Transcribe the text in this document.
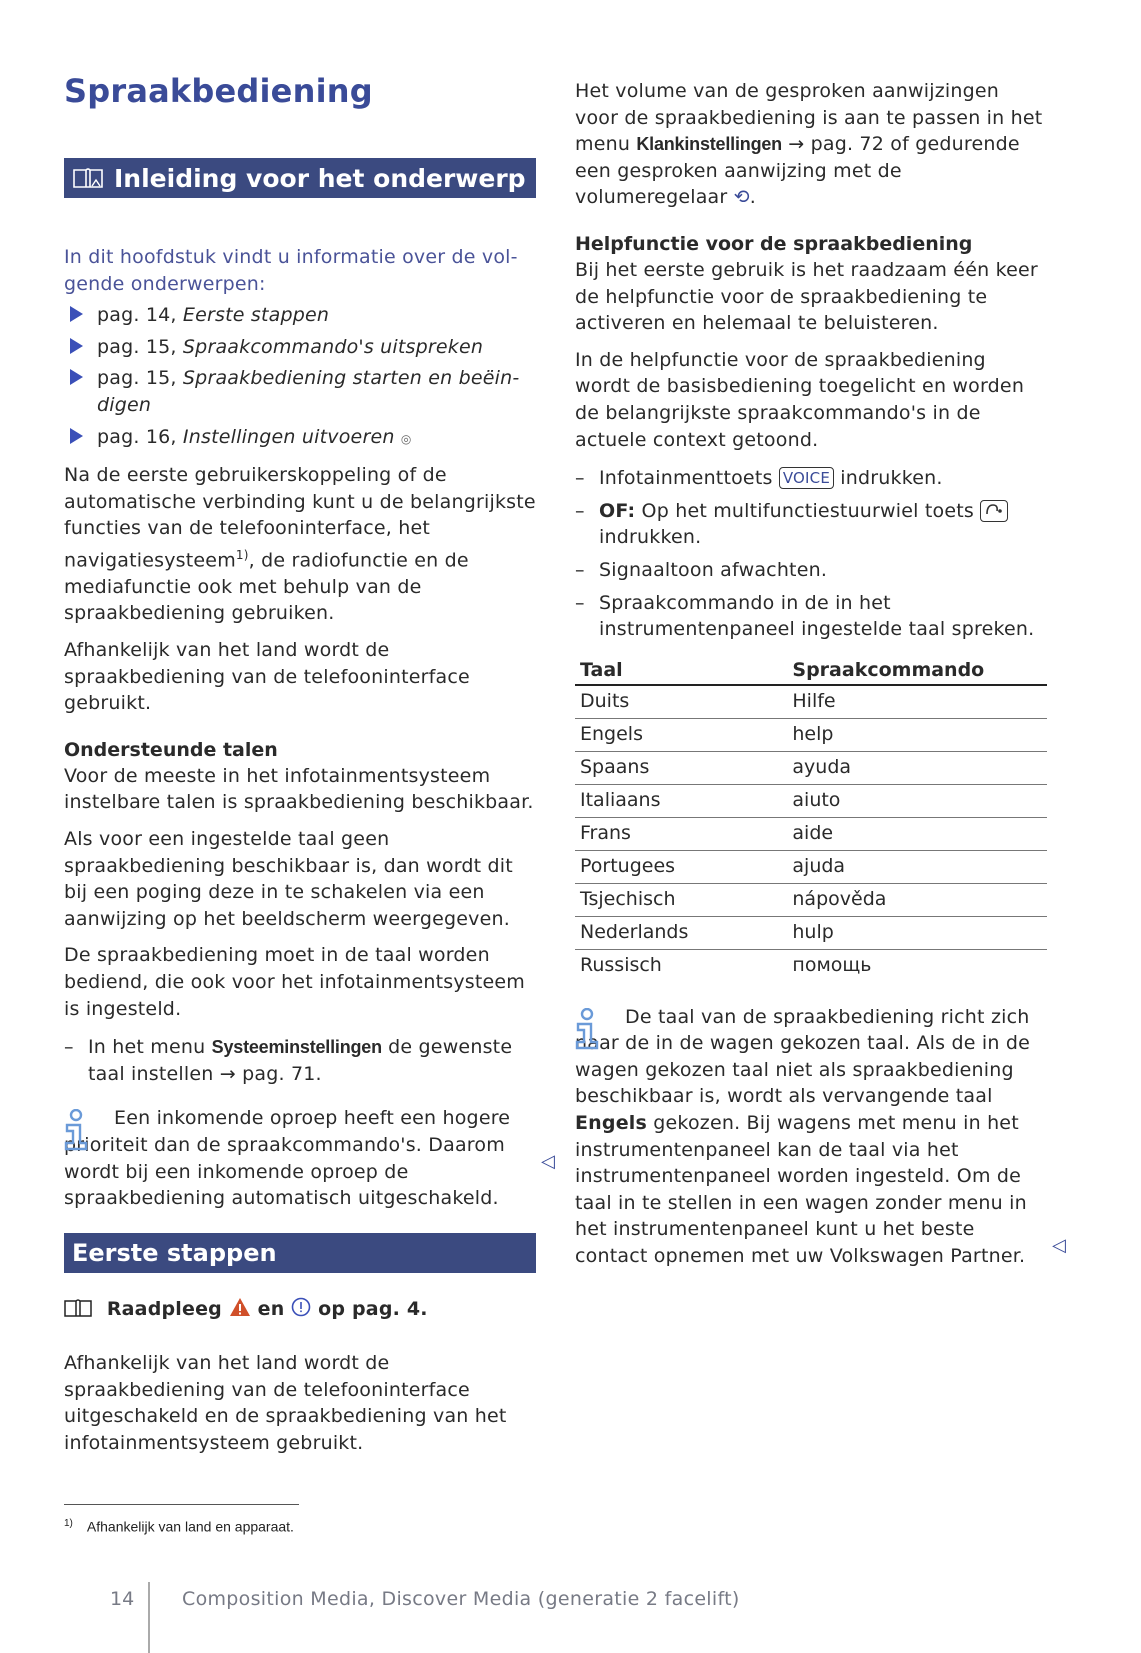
Spraakbediening
Inleiding voor het onderwerp

In dit hoofdstuk vindt u informatie over de vol-

gende onderwerpen:

pag. 14, Eerste stappen
pag. 15, Spraakcommando's uitspreken
pag. 15, Spraakbediening starten en beëin-digen
pag. 16, Instellingen uitvoeren ◎

Na de eerste gebruikerskoppeling of de automatische verbinding kunt u de belangrijkste functies van de telefooninterface, het navigatiesysteem$^{1)}$, de radiofunctie en de mediafunctie ook met behulp van de spraakbediening gebruiken.

Afhankelijk van het land wordt de spraakbediening van de telefooninterface gebruikt.

Ondersteunde talen

Voor de meeste in het infotainmentsysteem instelbare talen is spraakbediening beschikbaar.

Als voor een ingestelde taal geen spraakbediening beschikbaar is, dan wordt dit bij een poging deze in te schakelen via een aanwijzing op het beeldscherm weergegeven.

De spraakbediening moet in de taal worden bediend, die ook voor het infotainmentsysteem is ingesteld.

– In het menu Systeeminstellingen de gewenste taal instellen → pag. 71.

Een inkomende oproep heeft een hogere prioriteit dan de spraakcommando's. Daarom wordt bij een inkomende oproep de spraakbediening automatisch uitgeschakeld.

◁
Eerste stappen
Raadpleeg en op pag. 4.

Afhankelijk van het land wordt de spraakbediening van de telefooninterface uitgeschakeld en de spraakbediening van het infotainmentsysteem gebruikt.

$^{1)}$ Afhankelijk van land en apparaat.

Het volume van de gesproken aanwijzingen voor de spraakbediening is aan te passen in het menu Klankinstellingen → pag. 72 of gedurende een gesproken aanwijzing met de volumeregelaar ⟲.

Helpfunctie voor de spraakbediening

Bij het eerste gebruik is het raadzaam één keer de helpfunctie voor de spraakbediening te activeren en helemaal te beluisteren.

In de helpfunctie voor de spraakbediening wordt de basisbediening toegelicht en worden de belangrijkste spraakcommando's in de actuele context getoond.

– Infotainmenttoets VOICE indrukken.
– OF: Op het multifunctiestuurwiel toets  indrukken.
– Signaaltoon afwachten.
– Spraakcommando in de in het instrumentenpaneel ingestelde taal spreken.
Taal	Spraakcommando
Duits	Hilfe
Engels	help
Spaans	ayuda
Italiaans	aiuto
Frans	aide
Portugees	ajuda
Tsjechisch	nápověda
Nederlands	hulp
Russisch	помощь

De taal van de spraakbediening richt zich naar de in de wagen gekozen taal. Als de in de wagen gekozen taal niet als spraakbediening beschikbaar is, wordt als vervangende taal Engels gekozen. Bij wagens met menu in het instrumentenpaneel kan de taal via het instrumentenpaneel worden ingesteld. Om de taal in te stellen in een wagen zonder menu in het instrumentenpaneel kunt u het beste contact opnemen met uw Volkswagen Partner.	◁
14	Composition Media, Discover Media (generatie 2 facelift)
